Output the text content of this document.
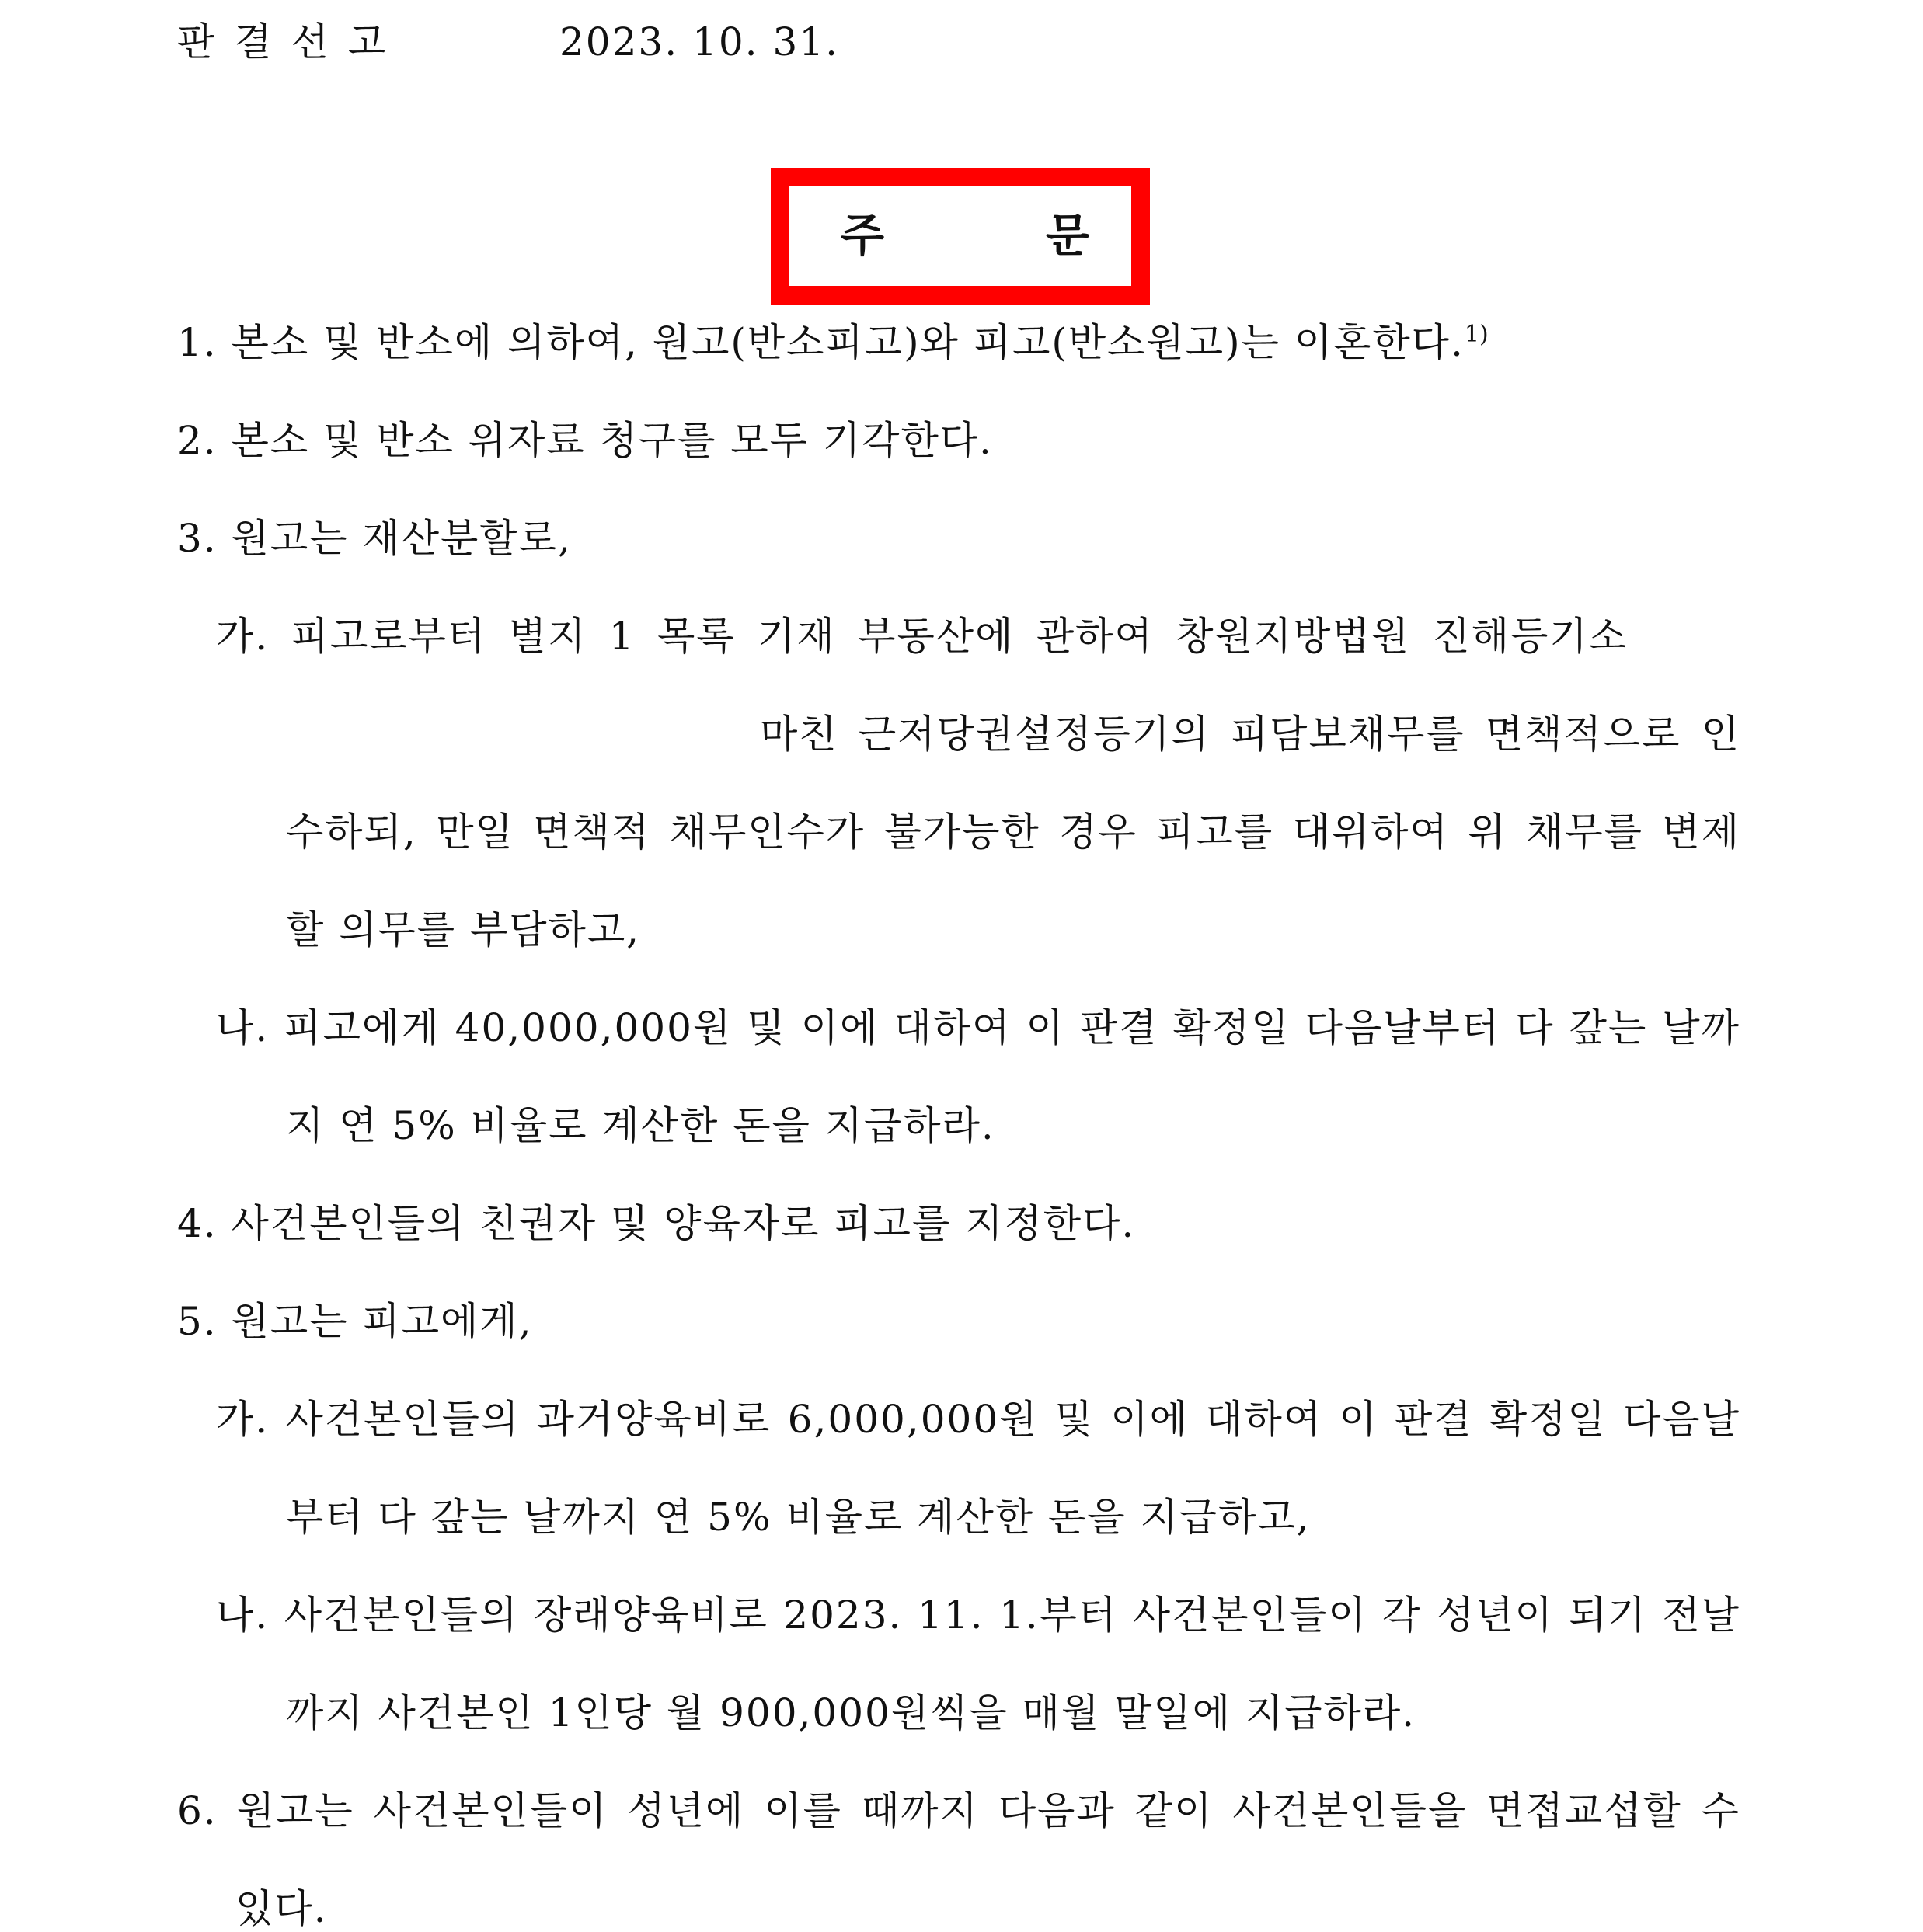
판 결 선 고	2023. 10. 31.
주 문
1. 본소 및 반소에 의하여, 원고(반소피고)와 피고(반소원고)는 이혼한다.$^{1)}$
2. 본소 및 반소 위자료 청구를 모두 기각한다.
3. 원고는 재산분할로,
가. 피고로부터 별지 1 목록 기재 부동산에 관하여 창원지방법원 진해등기소
마친 근저당권설정등기의 피담보채무를 면책적으로 인
수하되, 만일 면책적 채무인수가 불가능한 경우 피고를 대위하여 위 채무를 변제
할 의무를 부담하고,
나. 피고에게 40,000,000원 및 이에 대하여 이 판결 확정일 다음날부터 다 갚는 날까
지 연 5% 비율로 계산한 돈을 지급하라.
4. 사건본인들의 친권자 및 양육자로 피고를 지정한다.
5. 원고는 피고에게,
가. 사건본인들의 과거양육비로 6,000,000원 및 이에 대하여 이 판결 확정일 다음날
부터 다 갚는 날까지 연 5% 비율로 계산한 돈을 지급하고,
나. 사건본인들의 장래양육비로 2023. 11. 1.부터 사건본인들이 각 성년이 되기 전날
까지 사건본인 1인당 월 900,000원씩을 매월 말일에 지급하라.
6. 원고는 사건본인들이 성년에 이를 때까지 다음과 같이 사건본인들을 면접교섭할 수
있다.
